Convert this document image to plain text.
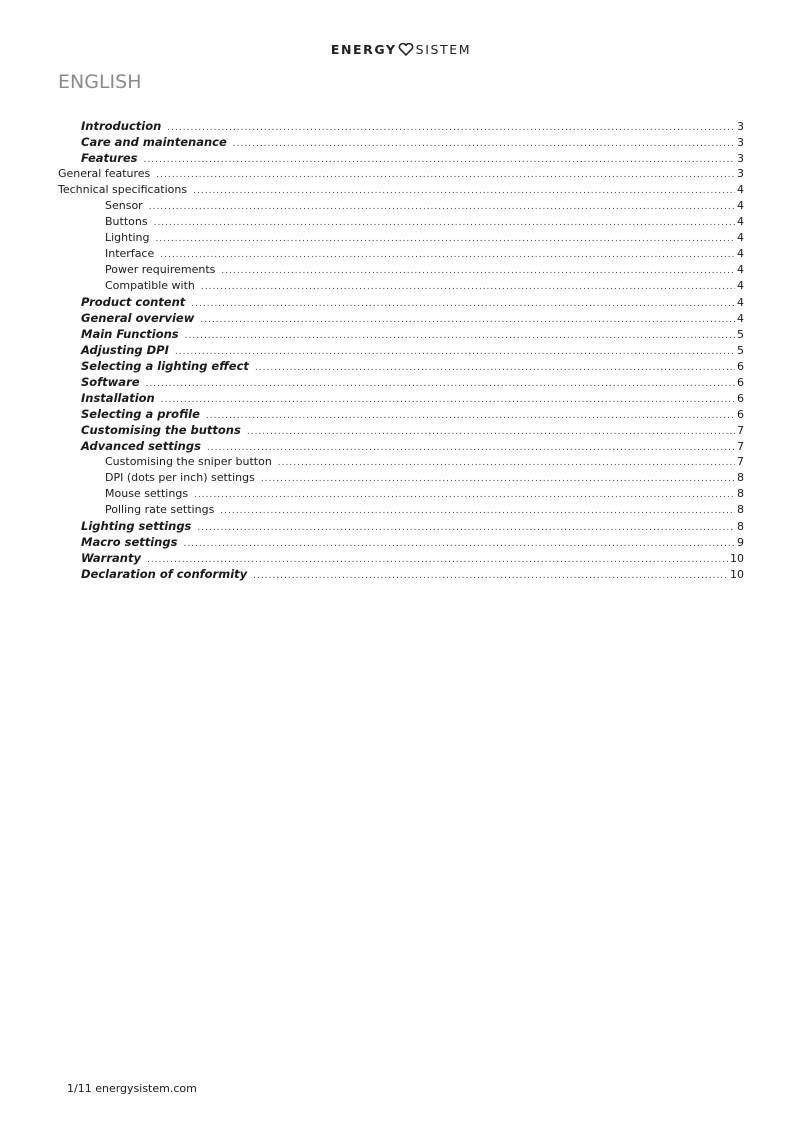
ENERGY SISTEM
ENGLISH
Introduction .....	3
Care and maintenance .....	3
Features .....	3
General features .....	3
Technical specifications .....	4
Sensor .....	4
Buttons .....	4
Lighting .....	4
Interface .....	4
Power requirements .....	4
Compatible with .....	4
Product content .....	4
General overview .....	4
Main Functions .....	5
Adjusting DPI .....	5
Selecting a lighting effect .....	6
Software .....	6
Installation .....	6
Selecting a profile .....	6
Customising the buttons .....	7
Advanced settings .....	7
Customising the sniper button .....	7
DPI (dots per inch) settings .....	8
Mouse settings .....	8
Polling rate settings .....	8
Lighting settings .....	8
Macro settings .....	9
Warranty .....	10
Declaration of conformity .....	10
1/11 energysistem.com
